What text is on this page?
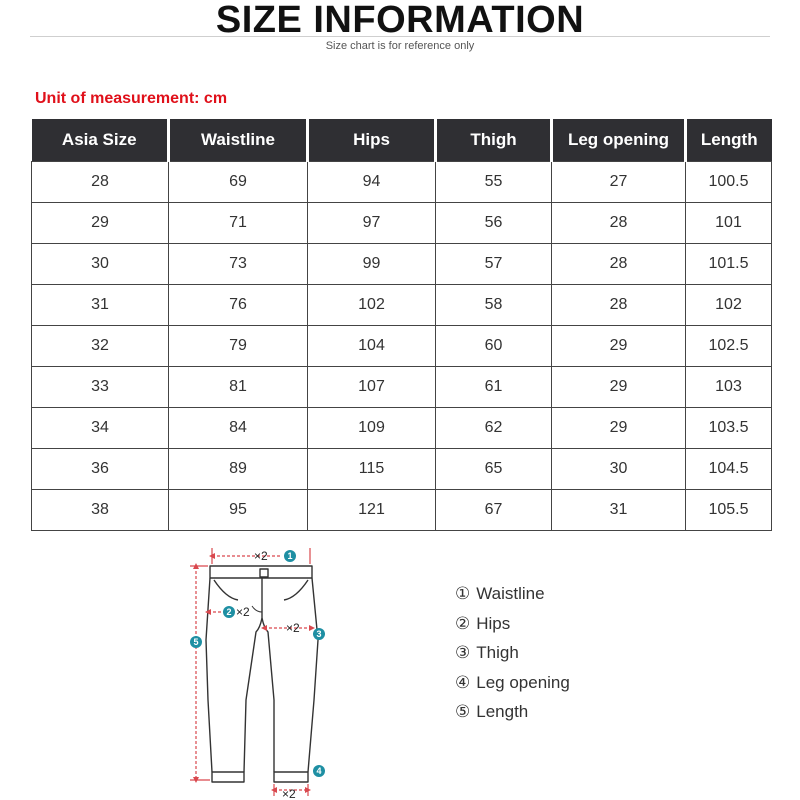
SIZE INFORMATION
Size chart is for reference only
Unit of measurement: cm
Asia Size	Waistline	Hips	Thigh	Leg opening	Length
28	69	94	55	27	100.5
29	71	97	56	28	101
30	73	99	57	28	101.5
31	76	102	58	28	102
32	79	104	60	29	102.5
33	81	107	61	29	103
34	84	109	62	29	103.5
36	89	115	65	30	104.5
38	95	121	67	31	105.5
×2
×2
×2
×2
1
2
3
4
5
① Waistline
② Hips
③ Thigh
④ Leg opening
⑤ Length
